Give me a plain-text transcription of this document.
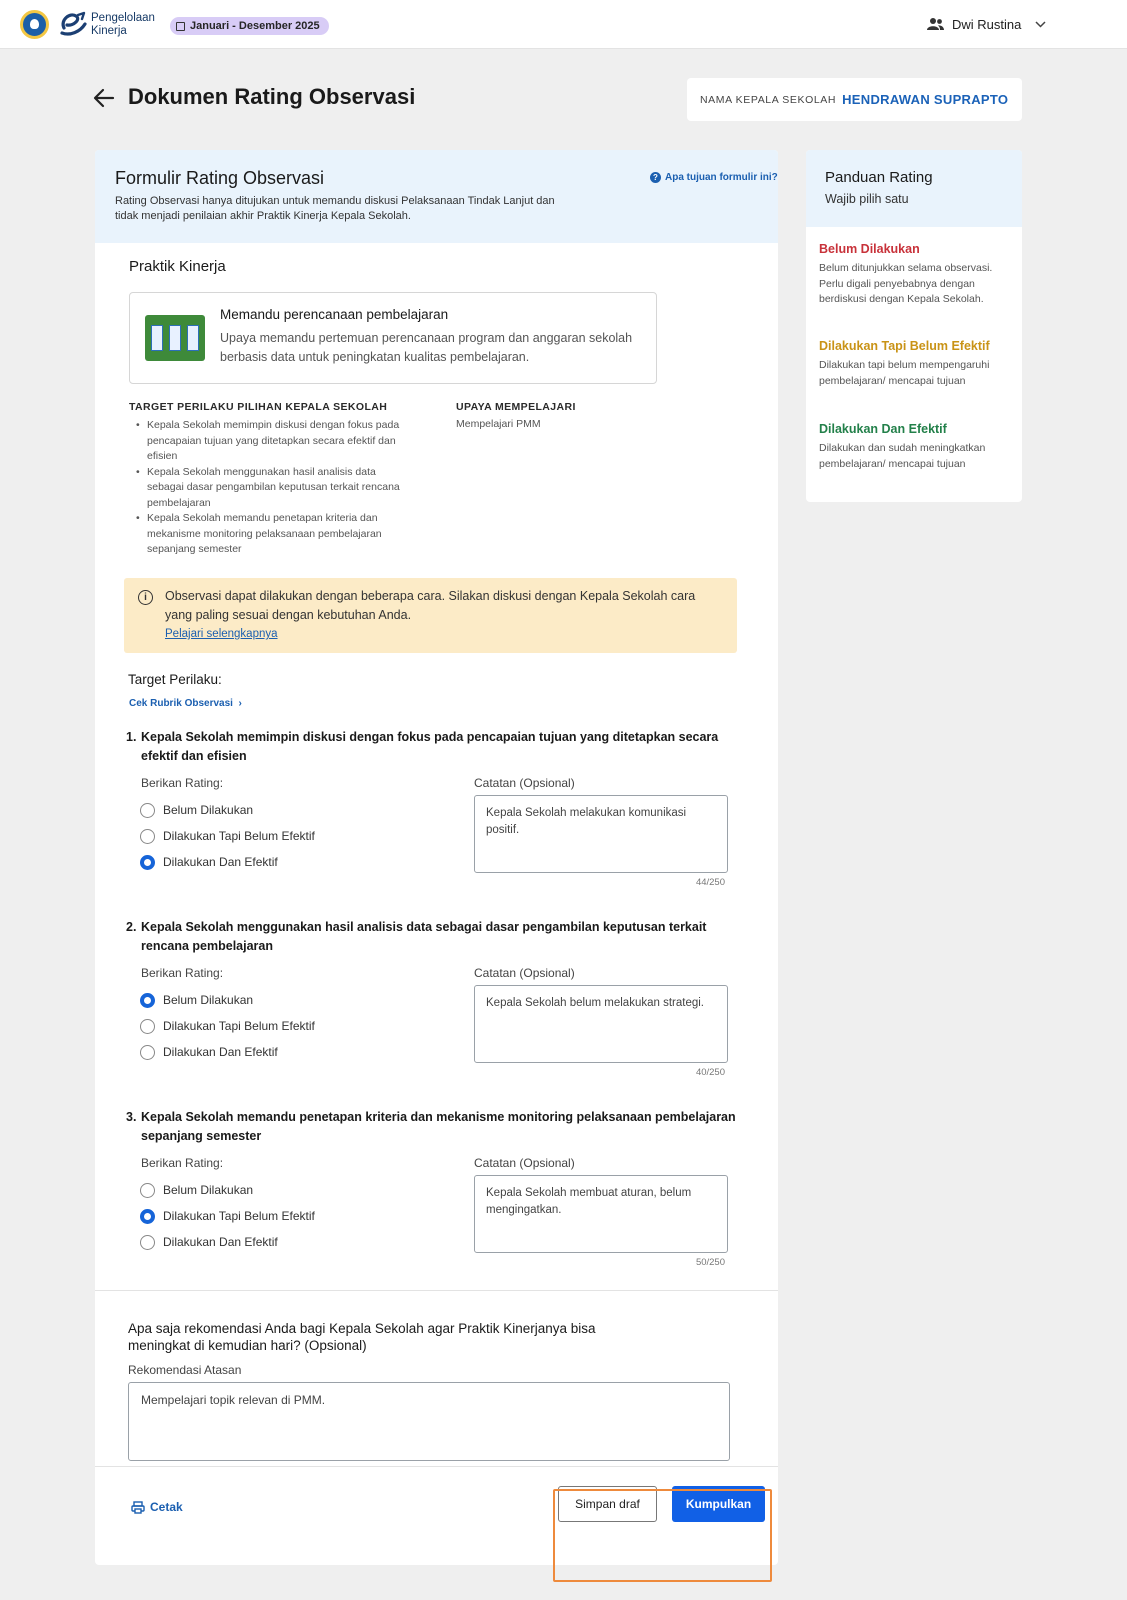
Pengelolaan Kinerja	Januari - Desember 2025	Dwi Rustina
Dokumen Rating Observasi	NAMA KEPALA SEKOLAH HENDRAWAN SUPRAPTO
Formulir Rating Observasi
Rating Observasi hanya ditujukan untuk memandu diskusi Pelaksanaan Tindak Lanjut dan tidak menjadi penilaian akhir Praktik Kinerja Kepala Sekolah.
? Apa tujuan formulir ini?
Praktik Kinerja
Memandu perencanaan pembelajaran
Upaya memandu pertemuan perencanaan program dan anggaran sekolah berbasis data untuk peningkatan kualitas pembelajaran.
TARGET PERILAKU PILIHAN KEPALA SEKOLAH
• Kepala Sekolah memimpin diskusi dengan fokus pada pencapaian tujuan yang ditetapkan secara efektif dan efisien
• Kepala Sekolah menggunakan hasil analisis data sebagai dasar pengambilan keputusan terkait rencana pembelajaran
• Kepala Sekolah memandu penetapan kriteria dan mekanisme monitoring pelaksanaan pembelajaran sepanjang semester
UPAYA MEMPELAJARI
Mempelajari PMM
i	Observasi dapat dilakukan dengan beberapa cara. Silakan diskusi dengan Kepala Sekolah cara yang paling sesuai dengan kebutuhan Anda.
Pelajari selengkapnya
Target Perilaku:
Cek Rubrik Observasi  ›
1. Kepala Sekolah memimpin diskusi dengan fokus pada pencapaian tujuan yang ditetapkan secara efektif dan efisien
Berikan Rating:
Belum Dilakukan
Dilakukan Tapi Belum Efektif
Dilakukan Dan Efektif
Catatan (Opsional)
Kepala Sekolah melakukan komunikasi positif.
44/250
2. Kepala Sekolah menggunakan hasil analisis data sebagai dasar pengambilan keputusan terkait rencana pembelajaran
Berikan Rating:
Belum Dilakukan
Dilakukan Tapi Belum Efektif
Dilakukan Dan Efektif
Catatan (Opsional)
Kepala Sekolah belum melakukan strategi.
40/250
3. Kepala Sekolah memandu penetapan kriteria dan mekanisme monitoring pelaksanaan pembelajaran sepanjang semester
Berikan Rating:
Belum Dilakukan
Dilakukan Tapi Belum Efektif
Dilakukan Dan Efektif
Catatan (Opsional)
Kepala Sekolah membuat aturan, belum mengingatkan.
50/250
Apa saja rekomendasi Anda bagi Kepala Sekolah agar Praktik Kinerjanya bisa meningkat di kemudian hari? (Opsional)
Rekomendasi Atasan
Mempelajari topik relevan di PMM.
Cetak	Simpan draf	Kumpulkan
Panduan Rating
Wajib pilih satu
Belum Dilakukan
Belum ditunjukkan selama observasi. Perlu digali penyebabnya dengan berdiskusi dengan Kepala Sekolah.
Dilakukan Tapi Belum Efektif
Dilakukan tapi belum mempengaruhi pembelajaran/ mencapai tujuan
Dilakukan Dan Efektif
Dilakukan dan sudah meningkatkan pembelajaran/ mencapai tujuan
